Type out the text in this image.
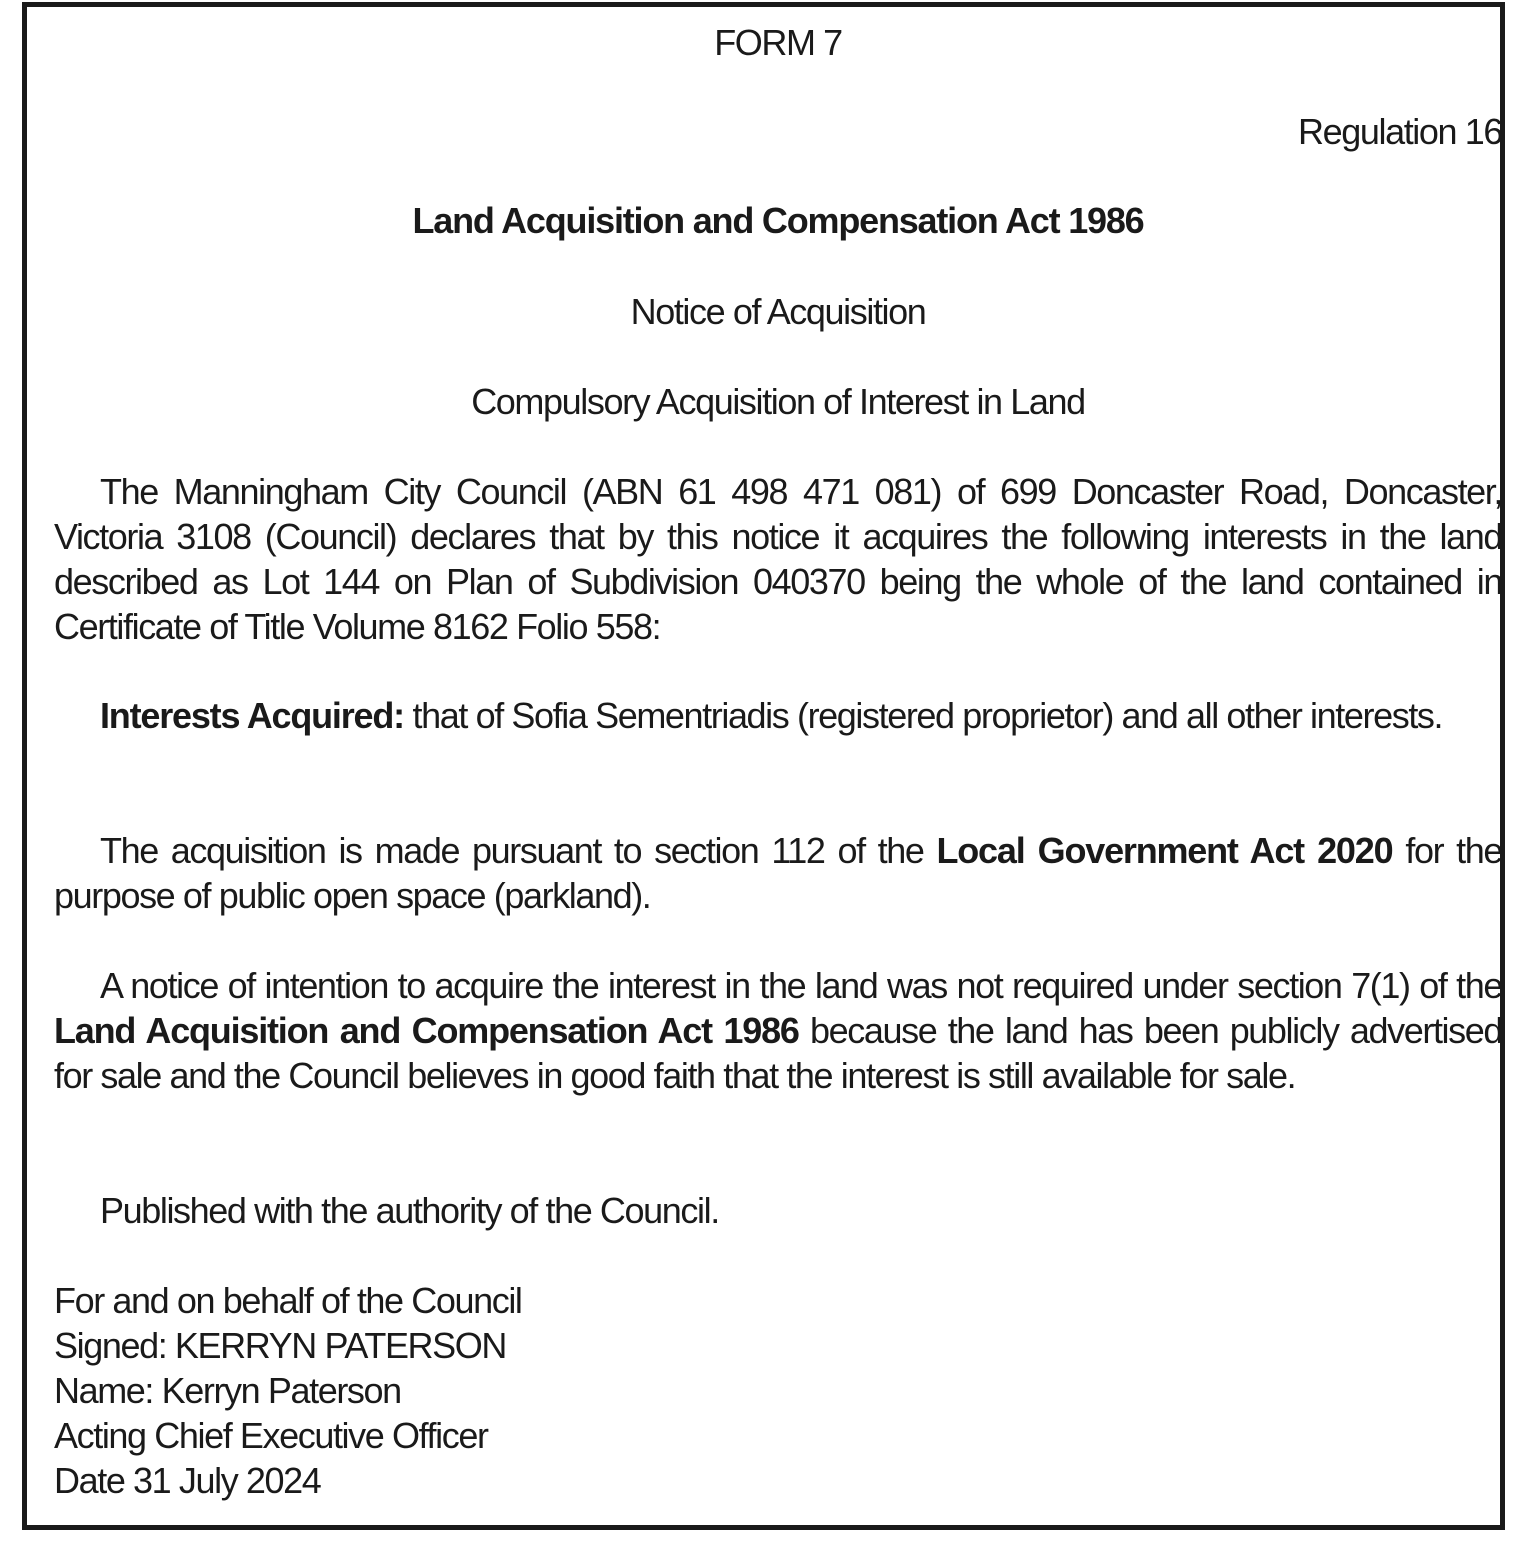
FORM 7
Regulation 16
Land Acquisition and Compensation Act 1986
Notice of Acquisition
Compulsory Acquisition of Interest in Land
The Manningham City Council (ABN 61 498 471 081) of 699 Doncaster Road, Doncaster, Victoria 3108 (Council) declares that by this notice it acquires the following interests in the land described as Lot 144 on Plan of Subdivision 040370 being the whole of the land contained in Certificate of Title Volume 8162 Folio 558:
Interests Acquired: that of Sofia Sementriadis (registered proprietor) and all other interests.
The acquisition is made pursuant to section 112 of the Local Government Act 2020 for the purpose of public open space (parkland).
A notice of intention to acquire the interest in the land was not required under section 7(1) of the Land Acquisition and Compensation Act 1986 because the land has been publicly advertised for sale and the Council believes in good faith that the interest is still available for sale.
Published with the authority of the Council.
For and on behalf of the Council
Signed: KERRYN PATERSON
Name: Kerryn Paterson
Acting Chief Executive Officer
Date 31 July 2024
